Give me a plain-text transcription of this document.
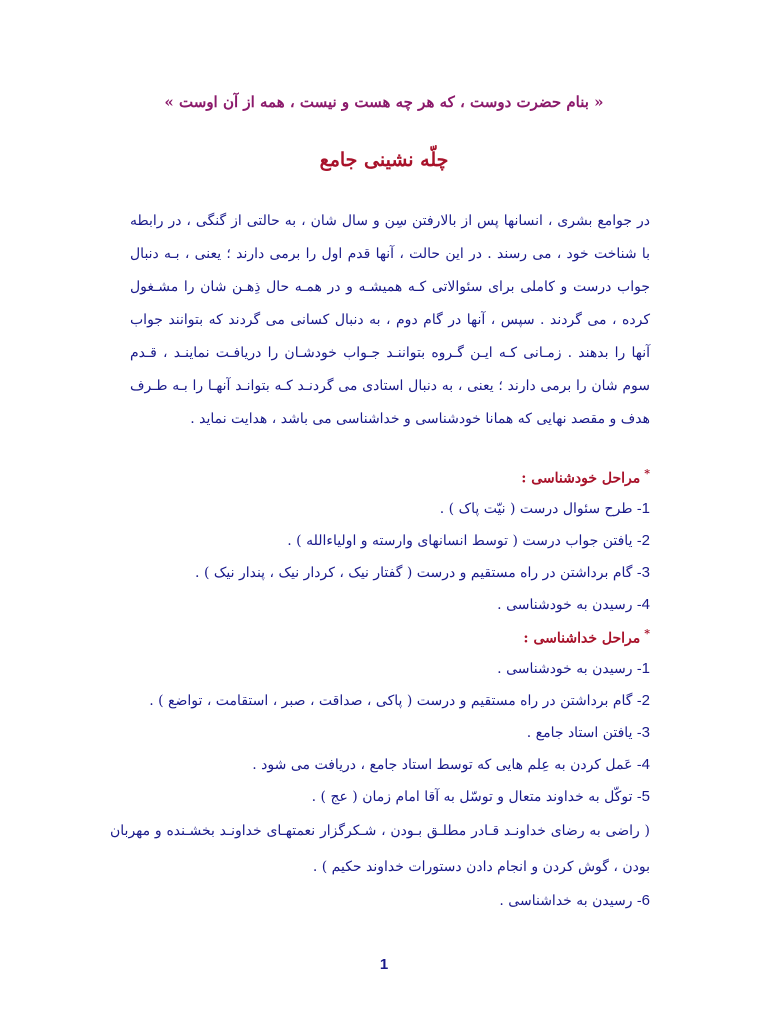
« بنام حضرت دوست ، که هر چه هست و نیست ، همه از آن اوست »
چلّه نشینی جامع
در جوامع بشری ، انسانها پس از بالارفتن سِن و سال شان ، به حالتی از گنگی ، در رابطه با شناخت خود ، می رسند . در این حالت ، آنها قدم اول را برمی دارند ؛ یعنی ، بـه دنبال جواب درست و کاملی برای سئوالاتی کـه همیشـه و در همـه حال ذِهـن شان را مشـغول کرده ، می گردند . سپس ، آنها در گام دوم ، به دنبال کسانی می گردند که بتوانند جواب آنها را بدهند . زمـانی کـه ایـن گـروه بتواننـد جـواب خودشـان را دریافـت نماینـد ، قـدم سوم شان را برمی دارند ؛ یعنی ، به دنبال استادی می گردنـد کـه بتوانـد آنهـا را بـه طـرف هدف و مقصد نهایی که همانا خودشناسی و خداشناسی می باشد ، هدایت نماید .
*مراحل خودشناسی :
1- طرح سئوال درست ( نیّت پاک ) .
2- یافتن جواب درست ( توسط انسانهای وارسته و اولیاءالله ) .
3- گام برداشتن در راه مستقیم و درست ( گفتار نیک ، کردار نیک ، پندار نیک ) .
4- رسیدن به خودشناسی .
*مراحل خداشناسی :
1- رسیدن به خودشناسی .
2- گام برداشتن در راه مستقیم و درست ( پاکی ، صداقت ، صبر ، استقامت ، تواضع ) .
3- یافتن استاد جامع .
4- عَمل کردن به عِلم هایی که توسط استاد جامع ، دریافت می شود .
5- توکّل به خداوند متعال و توسّل به آقا امام زمان ( عج ) .
( راضی به رضای خداونـد قـادر مطلـق بـودن ، شـکرگزار نعمتهـای خداونـد بخشـنده و مهربان بودن ، گوش کردن و انجام دادن دستورات خداوند حکیم ) .
6- رسیدن به خداشناسی .
1
